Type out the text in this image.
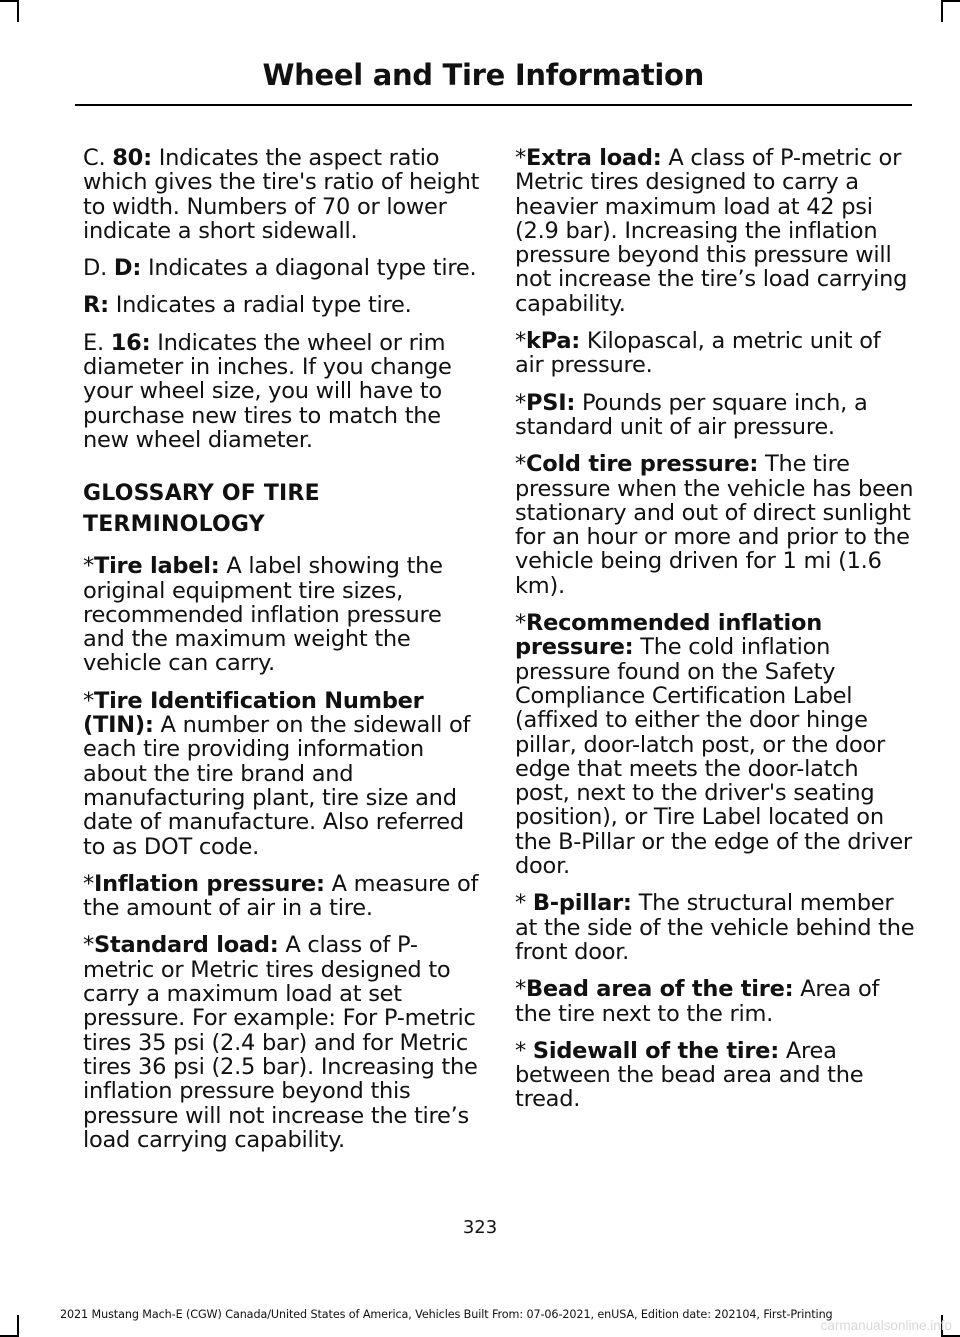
Wheel and Tire Information

C. 80: Indicates the aspect ratio which gives the tire's ratio of height to width. Numbers of 70 or lower indicate a short sidewall.

D. D: Indicates a diagonal type tire.

R: Indicates a radial type tire.

E. 16: Indicates the wheel or rim diameter in inches. If you change your wheel size, you will have to purchase new tires to match the new wheel diameter.

GLOSSARY OF TIRE
TERMINOLOGY

*Tire label: A label showing the original equipment tire sizes, recommended inflation pressure and the maximum weight the vehicle can carry.

*Tire Identification Number (TIN): A number on the sidewall of each tire providing information about the tire brand and manufacturing plant, tire size and date of manufacture. Also referred to as DOT code.

*Inflation pressure: A measure of the amount of air in a tire.

*Standard load: A class of P-metric or Metric tires designed to carry a maximum load at set pressure. For example: For P-metric tires 35 psi (2.4 bar) and for Metric tires 36 psi (2.5 bar). Increasing the inflation pressure beyond this pressure will not increase the tire’s load carrying capability.

*Extra load: A class of P-metric or Metric tires designed to carry a heavier maximum load at 42 psi (2.9 bar). Increasing the inflation pressure beyond this pressure will not increase the tire’s load carrying capability.

*kPa: Kilopascal, a metric unit of air pressure.

*PSI: Pounds per square inch, a standard unit of air pressure.

*Cold tire pressure: The tire pressure when the vehicle has been stationary and out of direct sunlight for an hour or more and prior to the vehicle being driven for 1 mi (1.6 km).

*Recommended inflation pressure: The cold inflation pressure found on the Safety Compliance Certification Label (affixed to either the door hinge pillar, door-latch post, or the door edge that meets the door-latch post, next to the driver's seating position), or Tire Label located on the B-Pillar or the edge of the driver door.

* B-pillar: The structural member at the side of the vehicle behind the front door.

*Bead area of the tire: Area of the tire next to the rim.

* Sidewall of the tire: Area between the bead area and the tread.

323
2021 Mustang Mach-E (CGW) Canada/United States of America, Vehicles Built From: 07-06-2021, enUSA, Edition date: 202104, First-Printing
carmanualsonline.info
